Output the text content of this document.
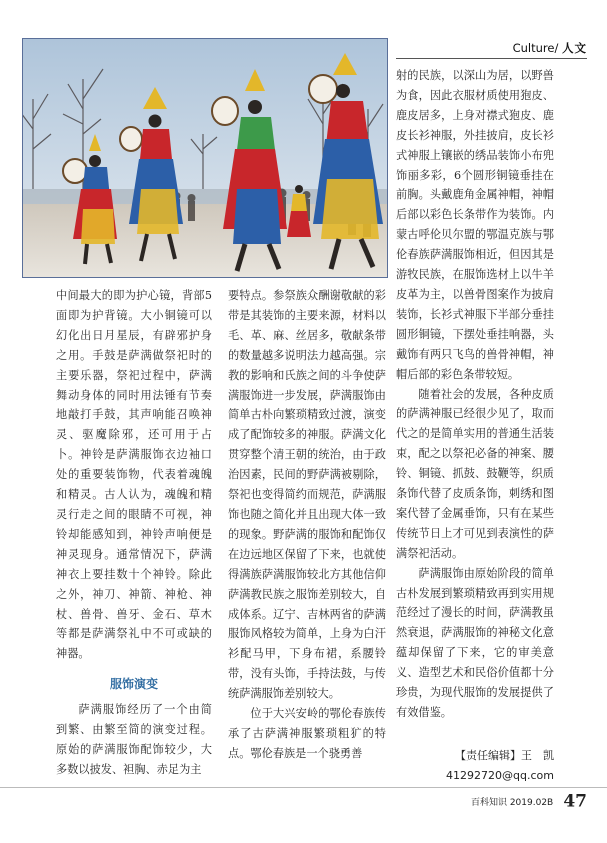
Culture/ 人文

中间最大的即为护心镜，背部5面即为护背镜。大小铜镜可以幻化出日月星辰，有辟邪护身之用。手鼓是萨满做祭祀时的主要乐器，祭祀过程中，萨满舞动身体的同时用法锤有节奏地敲打手鼓，其声响能召唤神灵、驱魔除邪，还可用于占卜。神铃是萨满服饰衣边袖口处的重要装饰物，代表着魂魄和精灵。古人认为，魂魄和精灵行走之间的眼睛不可视，神铃却能感知到，神铃声响便是神灵现身。通常情况下，萨满神衣上要挂数十个神铃。除此之外，神刀、神箭、神枪、神杖、兽骨、兽牙、金石、草木等都是萨满祭礼中不可或缺的神器。

服饰演变

萨满服饰经历了一个由简到繁、由繁至简的演变过程。原始的萨满服饰配饰较少，大多数以披发、袒胸、赤足为主

要特点。参祭族众酬谢敬献的彩带是其装饰的主要来源，材料以毛、革、麻、丝居多，敬献条带的数量越多说明法力越高强。宗教的影响和氏族之间的斗争使萨满服饰进一步发展，萨满服饰由简单古朴向繁琐精致过渡，演变成了配饰较多的神服。萨满文化贯穿整个清王朝的统治，由于政治因素，民间的野萨满被剔除，祭祀也变得简约而规范，萨满服饰也随之简化并且出现大体一致的现象。野萨满的服饰和配饰仅在边远地区保留了下来，也就使得满族萨满服饰较北方其他信仰萨满教民族之服饰差别较大，自成体系。辽宁、吉林两省的萨满服饰风格较为简单，上身为白汗衫配马甲，下身布裙，系腰铃带，没有头饰，手持法鼓，与传统萨满服饰差别较大。

位于大兴安岭的鄂伦春族传承了古萨满神服繁琐粗犷的特点。鄂伦春族是一个骁勇善

射的民族，以深山为居，以野兽为食，因此衣服材质使用狍皮、鹿皮居多，上身对襟式狍皮、鹿皮长衫神服，外挂披肩，皮长衫式神服上镶嵌的绣品装饰小布兜饰丽多彩，6个圆形铜镜垂挂在前胸。头戴鹿角金属神帽，神帽后部以彩色长条带作为装饰。内蒙古呼伦贝尔盟的鄂温克族与鄂伦春族萨满服饰相近，但因其是游牧民族，在服饰选材上以牛羊皮革为主，以兽骨图案作为披肩装饰，长衫式神服下半部分垂挂圆形铜镜，下摆处垂挂响器，头戴饰有两只飞鸟的兽骨神帽，神帽后部的彩色条带较短。

随着社会的发展，各种皮质的萨满神服已经很少见了，取而代之的是简单实用的普通生活装束，配之以祭祀必备的神案、腰铃、铜镜、抓鼓、鼓鞭等，织质条饰代替了皮质条饰，刺绣和图案代替了金属垂饰，只有在某些传统节日上才可见到表演性的萨满祭祀活动。

萨满服饰由原始阶段的简单古朴发展到繁琐精致再到实用规范经过了漫长的时间，萨满教虽然衰退，萨满服饰的神秘文化意蕴却保留了下来，它的审美意义、造型艺术和民俗价值都十分珍贵，为现代服饰的发展提供了有效借鉴。

【责任编辑】王　凯
41292720@qq.com
百科知识 2019.02B 47
